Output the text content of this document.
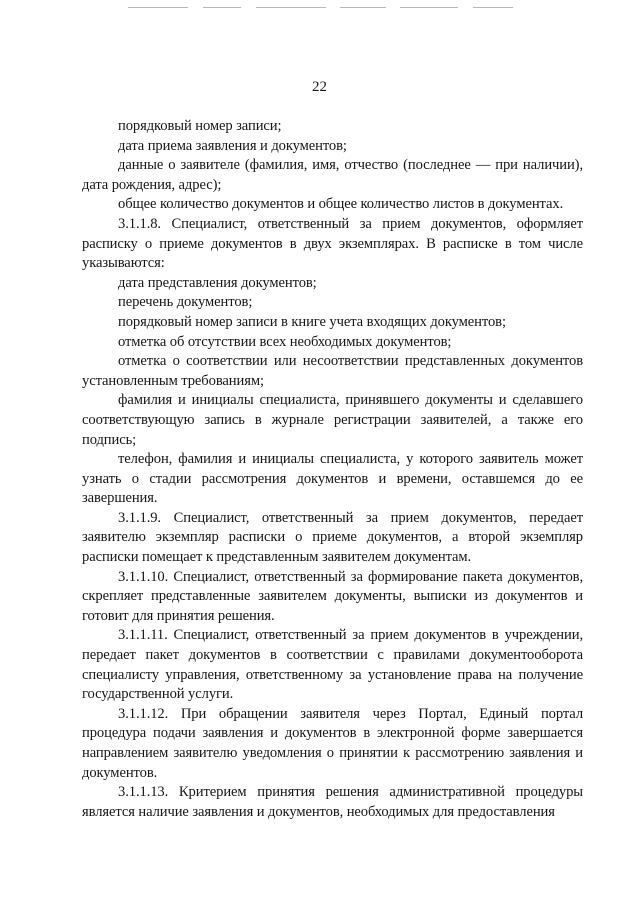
22

порядковый номер записи;

дата приема заявления и документов;

данные о заявителе (фамилия, имя, отчество (последнее — при наличии), дата рождения, адрес);

общее количество документов и общее количество листов в документах.

3.1.1.8. Специалист, ответственный за прием документов, оформляет расписку о приеме документов в двух экземплярах. В расписке в том числе указываются:

дата представления документов;

перечень документов;

порядковый номер записи в книге учета входящих документов;

отметка об отсутствии всех необходимых документов;

отметка о соответствии или несоответствии представленных документов установленным требованиям;

фамилия и инициалы специалиста, принявшего документы и сделавшего соответствующую запись в журнале регистрации заявителей, а также его подпись;

телефон, фамилия и инициалы специалиста, у которого заявитель может узнать о стадии рассмотрения документов и времени, оставшемся до ее завершения.

3.1.1.9. Специалист, ответственный за прием документов, передает заявителю экземпляр расписки о приеме документов, а второй экземпляр расписки помещает к представленным заявителем документам.

3.1.1.10. Специалист, ответственный за формирование пакета документов, скрепляет представленные заявителем документы, выписки из документов и готовит для принятия решения.

3.1.1.11. Специалист, ответственный за прием документов в учреждении, передает пакет документов в соответствии с правилами документооборота специалисту управления, ответственному за установление права на получение государственной услуги.

3.1.1.12. При обращении заявителя через Портал, Единый портал процедура подачи заявления и документов в электронной форме завершается направлением заявителю уведомления о принятии к рассмотрению заявления и документов.

3.1.1.13. Критерием принятия решения административной процедуры является наличие заявления и документов, необходимых для предоставления
